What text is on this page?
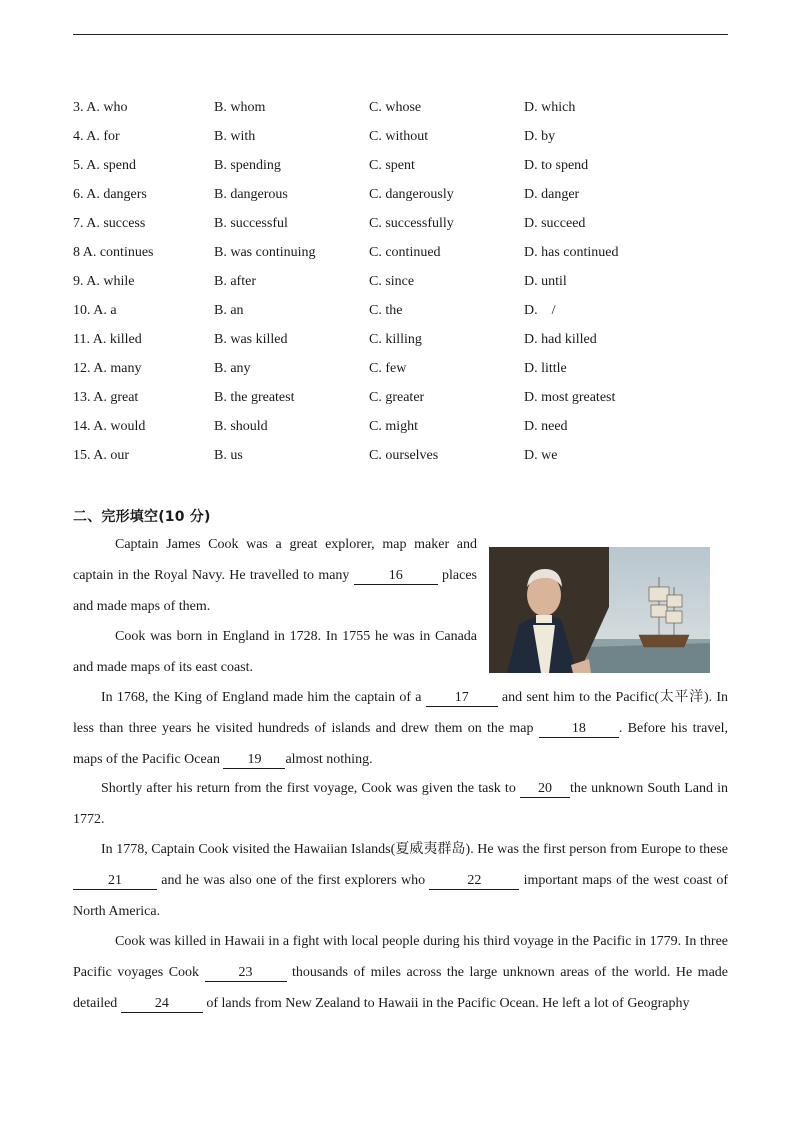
3. A. who	B. whom	C. whose	D. which
4. A. for	B. with	C. without	D. by
5. A. spend	B. spending	C. spent	D. to spend
6. A. dangers	B. dangerous	C. dangerously	D. danger
7. A. success	B. successful	C. successfully	D. succeed
8 A. continues	B. was continuing	C. continued	D. has continued
9. A. while	B. after	C. since	D. until
10. A. a	B. an	C. the	D.    /
11. A. killed	B. was killed	C. killing	D. had killed
12. A. many	B. any	C. few	D. little
13. A. great	B. the greatest	C. greater	D. most greatest
14. A. would	B. should	C. might	D. need
15. A. our	B. us	C. ourselves	D. we
二、完形填空(10 分)
Captain James Cook was a great explorer, map maker and captain in the Royal Navy. He travelled to many	16	places and made maps of them.
Cook was born in England in 1728. In 1755 he was in Canada and made maps of its east coast.
In 1768, the King of England made him the captain of a 17 and sent him to the Pacific(太平洋). In less than three years he visited hundreds of islands and drew them on the map 18 . Before his travel, maps of the Pacific Ocean 19 almost nothing.
Shortly after his return from the first voyage, Cook was given the task to 20 the unknown South Land in 1772.
In 1778, Captain Cook visited the Hawaiian Islands(夏威夷群岛). He was the first person from Europe to these 21	and he was also one of the first explorers who	22	important maps of the west coast of North America.
Cook was killed in Hawaii in a fight with local people during his third voyage in the Pacific in 1779. In three Pacific voyages Cook 23 thousands of miles across the large unknown areas of the world. He made detailed 24 of lands from New Zealand to Hawaii in the Pacific Ocean. He left a lot of Geography
